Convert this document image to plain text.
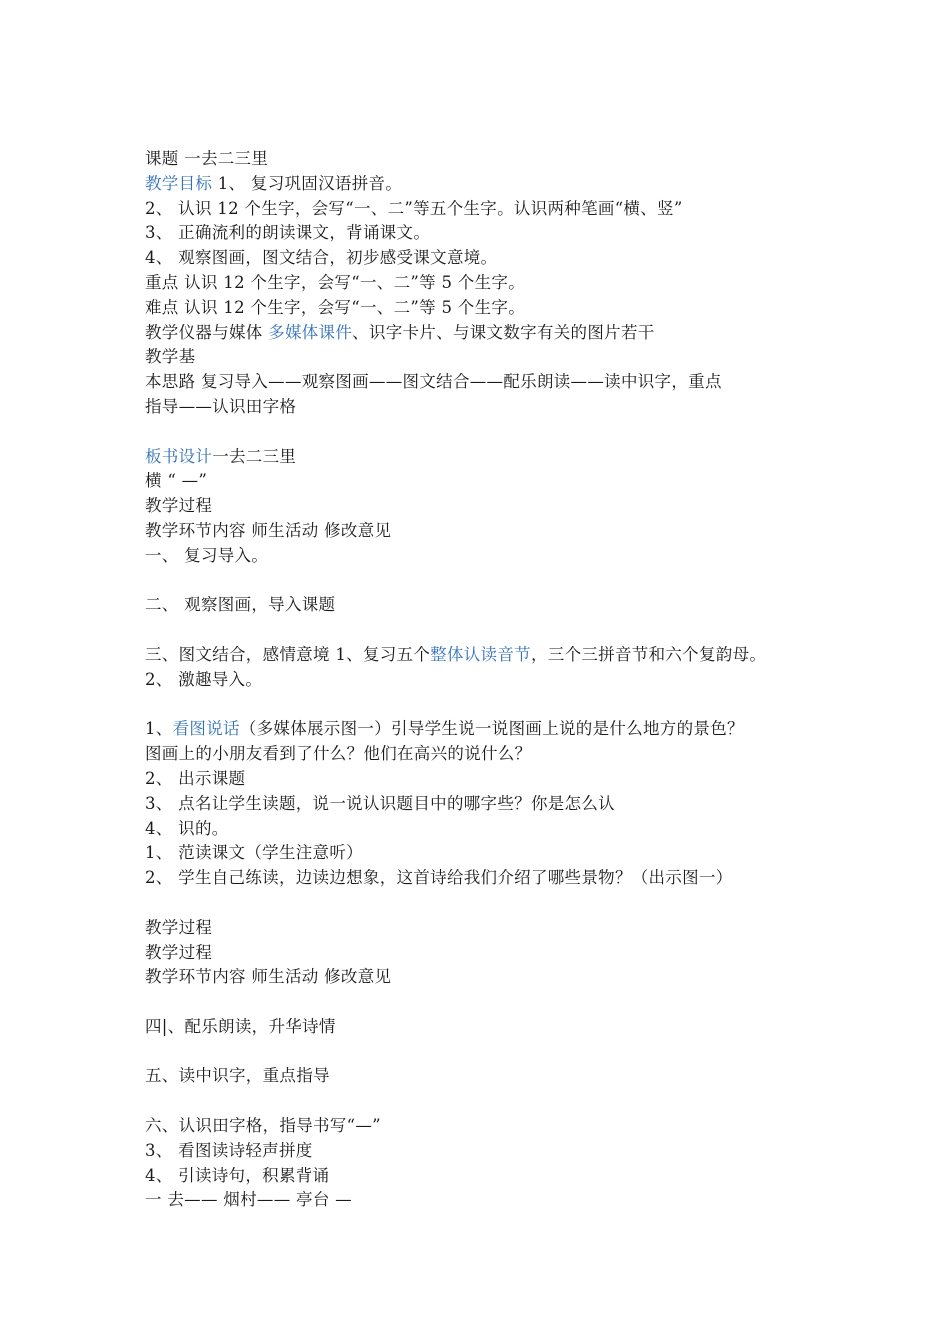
课题 一去二三里
教学目标 1、 复习巩固汉语拼音。
2、 认识 12 个生字，会写“一、二”等五个生字。认识两种笔画“横、竖”
3、 正确流利的朗读课文，背诵课文。
4、 观察图画，图文结合，初步感受课文意境。
重点 认识 12 个生字，会写“一、二”等 5 个生字。
难点 认识 12 个生字，会写“一、二”等 5 个生字。
教学仪器与媒体 多媒体课件、识字卡片、与课文数字有关的图片若干
教学基
本思路 复习导入——观察图画——图文结合——配乐朗读——读中识字，重点
指导——认识田字格
板书设计一去二三里
横 “ —”
教学过程
教学环节内容 师生活动 修改意见
一、 复习导入。
二、 观察图画，导入课题
三、图文结合，感情意境 1、复习五个整体认读音节，三个三拼音节和六个复韵母。
2、 激趣导入。
1、看图说话（多媒体展示图一）引导学生说一说图画上说的是什么地方的景色？
图画上的小朋友看到了什么？他们在高兴的说什么？
2、 出示课题
3、 点名让学生读题，说一说认识题目中的哪字些？你是怎么认
4、 识的。
1、 范读课文（学生注意听）
2、 学生自己练读，边读边想象，这首诗给我们介绍了哪些景物？（出示图一）
教学过程
教学过程
教学环节内容 师生活动 修改意见
四|、配乐朗读，升华诗情
五、读中识字，重点指导
六、认识田字格，指导书写“—”
3、 看图读诗轻声拼度
4、 引读诗句，积累背诵
一 去—— 烟村—— 亭台 —
